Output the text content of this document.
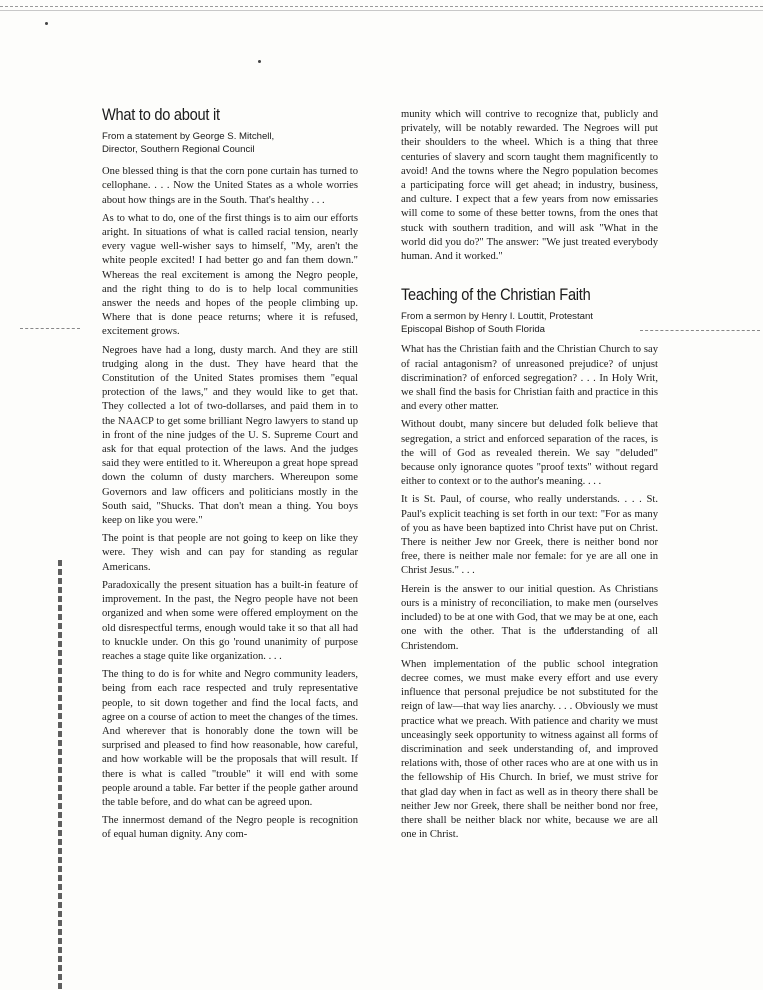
What to do about it

From a statement by George S. Mitchell,

Director, Southern Regional Council

One blessed thing is that the corn pone curtain has turned to cellophane. . . . Now the United States as a whole worries about how things are in the South. That's healthy . . .

As to what to do, one of the first things is to aim our efforts aright. In situations of what is called racial tension, nearly every vague well-wisher says to himself, "My, aren't the white people excited! I had better go and fan them down." Whereas the real excitement is among the Negro people, and the right thing to do is to help local communities answer the needs and hopes of the people climbing up. Where that is done peace returns; where it is refused, excitement grows.

Negroes have had a long, dusty march. And they are still trudging along in the dust. They have heard that the Constitution of the United States promises them "equal protection of the laws," and they would like to get that. They collected a lot of two-dollarses, and paid them in to the NAACP to get some brilliant Negro lawyers to stand up in front of the nine judges of the U. S. Supreme Court and ask for that equal protection of the laws. And the judges said they were entitled to it. Whereupon a great hope spread down the column of dusty marchers. Whereupon some Governors and law officers and politicians mostly in the South said, "Shucks. That don't mean a thing. You boys keep on like you were."

The point is that people are not going to keep on like they were. They wish and can pay for standing as regular Americans.

Paradoxically the present situation has a built-in feature of improvement. In the past, the Negro people have not been organized and when some were offered employment on the old disrespectful terms, enough would take it so that all had to knuckle under. On this go 'round unanimity of purpose reaches a stage quite like organization. . . .

The thing to do is for white and Negro community leaders, being from each race respected and truly representative people, to sit down together and find the local facts, and agree on a course of action to meet the changes of the times. And wherever that is honorably done the town will be surprised and pleased to find how reasonable, how careful, and how workable will be the proposals that will result. If there is what is called "trouble" it will end with some people around a table. Far better if the people gather around the table before, and do what can be agreed upon.

The innermost demand of the Negro people is recognition of equal human dignity. Any com-

munity which will contrive to recognize that, publicly and privately, will be notably rewarded. The Negroes will put their shoulders to the wheel. Which is a thing that three centuries of slavery and scorn taught them magnificently to avoid! And the towns where the Negro population becomes a participating force will get ahead; in industry, business, and culture. I expect that a few years from now emissaries will come to some of these better towns, from the ones that stuck with southern tradition, and will ask "What in the world did you do?" The answer: "We just treated everybody human. And it worked."

Teaching of the Christian Faith

From a sermon by Henry I. Louttit, Protestant

Episcopal Bishop of South Florida

What has the Christian faith and the Christian Church to say of racial antagonism? of unreasoned prejudice? of unjust discrimination? of enforced segregation? . . . In Holy Writ, we shall find the basis for Christian faith and practice in this and every other matter.

Without doubt, many sincere but deluded folk believe that segregation, a strict and enforced separation of the races, is the will of God as revealed therein. We say "deluded" because only ignorance quotes "proof texts" without regard either to context or to the author's meaning. . . .

It is St. Paul, of course, who really understands. . . . St. Paul's explicit teaching is set forth in our text: "For as many of you as have been baptized into Christ have put on Christ. There is neither Jew nor Greek, there is neither bond nor free, there is neither male nor female: for ye are all one in Christ Jesus." . . .

Herein is the answer to our initial question. As Christians ours is a ministry of reconciliation, to make men (ourselves included) to be at one with God, that we may be at one, each one with the other. That is the understanding of all Christendom.

When implementation of the public school integration decree comes, we must make every effort and use every influence that personal prejudice be not substituted for the reign of law—that way lies anarchy. . . . Obviously we must practice what we preach. With patience and charity we must unceasingly seek opportunity to witness against all forms of discrimination and seek understanding of, and improved relations with, those of other races who are at one with us in the fellowship of His Church. In brief, we must strive for that glad day when in fact as well as in theory there shall be neither Jew nor Greek, there shall be neither bond nor free, there shall be neither black nor white, because we are all one in Christ.
